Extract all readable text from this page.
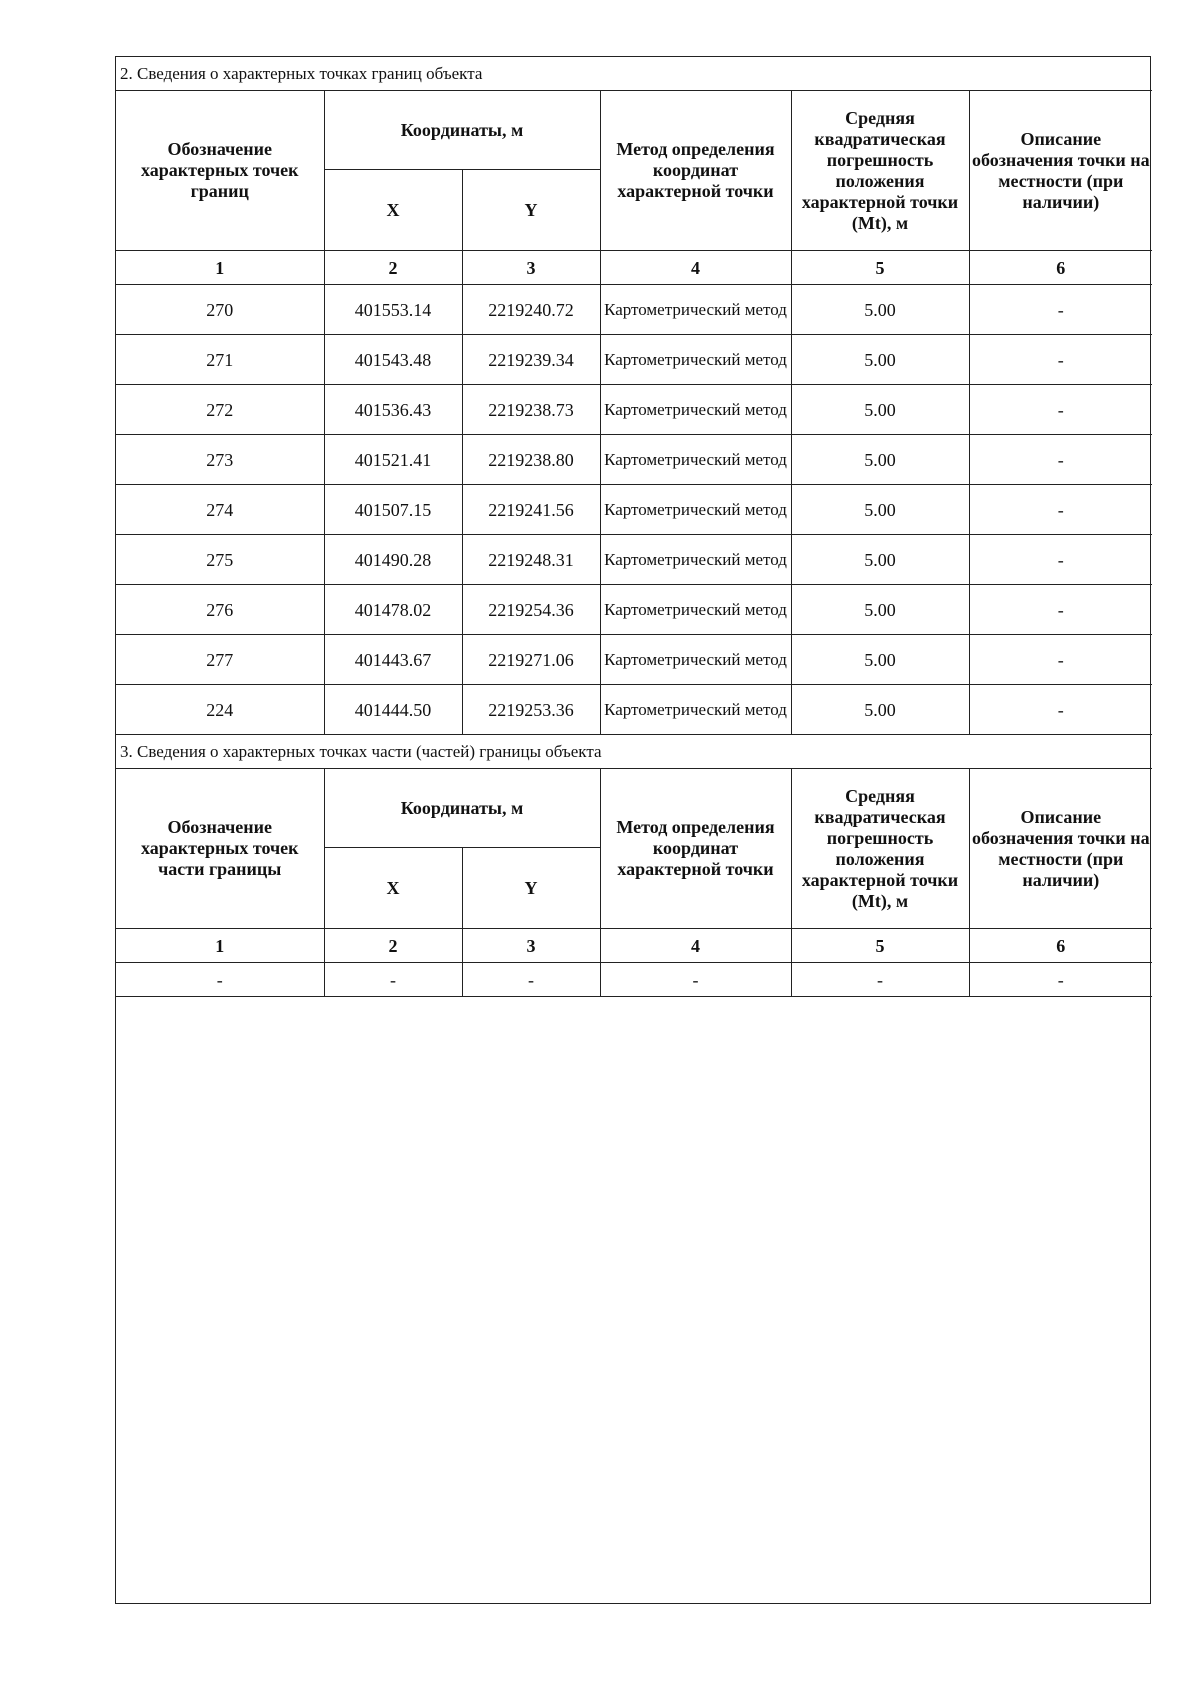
2. Сведения о характерных точках границ объекта					
Обозначение характерных точек границ	Координаты, м		Метод определения координат характерной точки	Средняя квадратическая погрешность положения характерной точки (Mt), м	Описание обозначения точки на местности (при наличии)
	X	Y			
1	2	3	4	5	6
270	401553.14	2219240.72	Картометрический метод	5.00	-
271	401543.48	2219239.34	Картометрический метод	5.00	-
272	401536.43	2219238.73	Картометрический метод	5.00	-
273	401521.41	2219238.80	Картометрический метод	5.00	-
274	401507.15	2219241.56	Картометрический метод	5.00	-
275	401490.28	2219248.31	Картометрический метод	5.00	-
276	401478.02	2219254.36	Картометрический метод	5.00	-
277	401443.67	2219271.06	Картометрический метод	5.00	-
224	401444.50	2219253.36	Картометрический метод	5.00	-
3. Сведения о характерных точках части (частей) границы объекта					
Обозначение характерных точек части границы	Координаты, м		Метод определения координат характерной точки	Средняя квадратическая погрешность положения характерной точки (Mt), м	Описание обозначения точки на местности (при наличии)
	X	Y			
1	2	3	4	5	6
-	-	-	-	-	-
